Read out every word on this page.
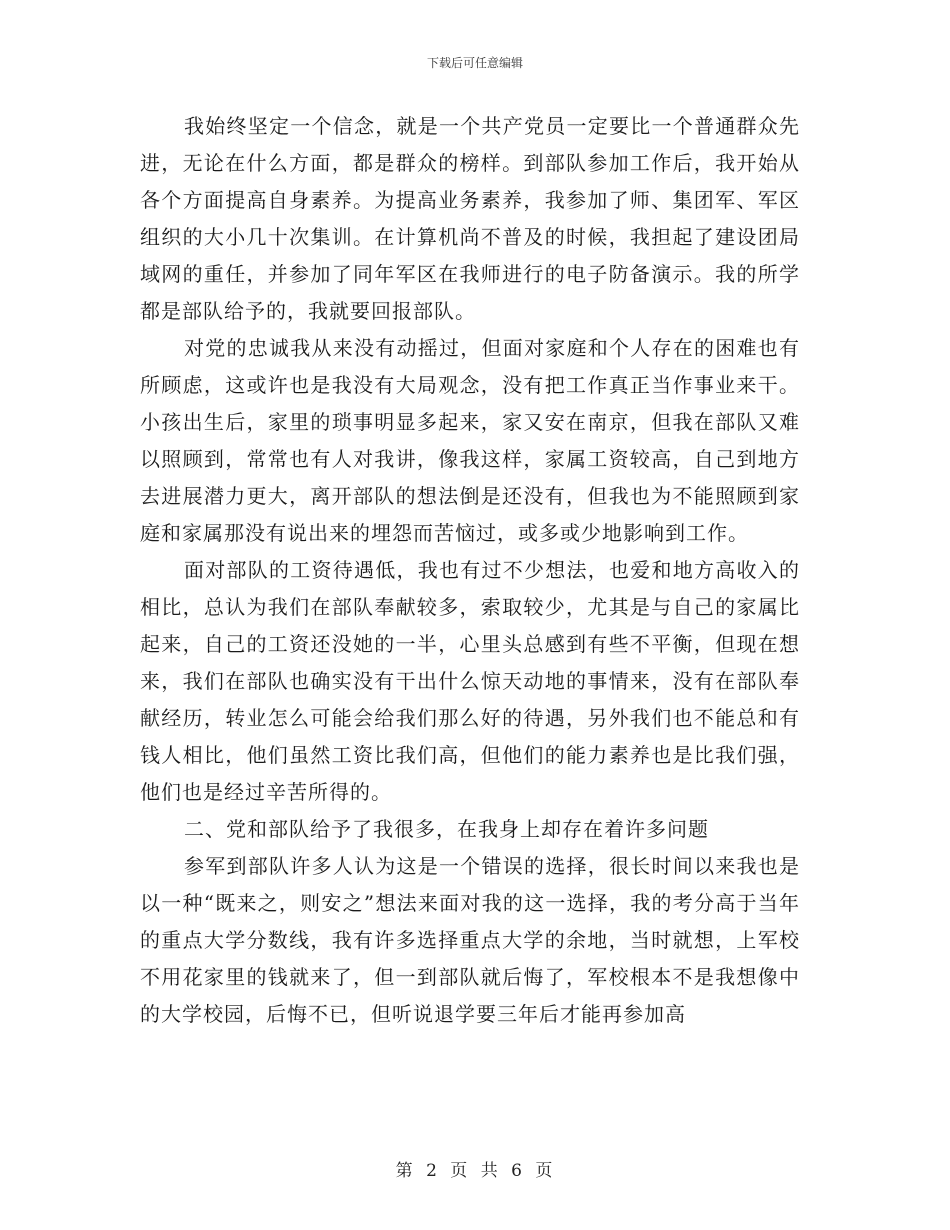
下载后可任意编辑

我始终坚定一个信念，就是一个共产党员一定要比一个普通群众先进，无论在什么方面，都是群众的榜样。到部队参加工作后，我开始从各个方面提高自身素养。为提高业务素养，我参加了师、集团军、军区组织的大小几十次集训。在计算机尚不普及的时候，我担起了建设团局域网的重任，并参加了同年军区在我师进行的电子防备演示。我的所学都是部队给予的，我就要回报部队。

对党的忠诚我从来没有动摇过，但面对家庭和个人存在的困难也有所顾虑，这或许也是我没有大局观念，没有把工作真正当作事业来干。小孩出生后，家里的琐事明显多起来，家又安在南京，但我在部队又难以照顾到，常常也有人对我讲，像我这样，家属工资较高，自己到地方去进展潜力更大，离开部队的想法倒是还没有，但我也为不能照顾到家庭和家属那没有说出来的埋怨而苦恼过，或多或少地影响到工作。

面对部队的工资待遇低，我也有过不少想法，也爱和地方高收入的相比，总认为我们在部队奉献较多，索取较少，尤其是与自己的家属比起来，自己的工资还没她的一半，心里头总感到有些不平衡，但现在想来，我们在部队也确实没有干出什么惊天动地的事情来，没有在部队奉献经历，转业怎么可能会给我们那么好的待遇，另外我们也不能总和有钱人相比，他们虽然工资比我们高，但他们的能力素养也是比我们强，他们也是经过辛苦所得的。

二、党和部队给予了我很多，在我身上却存在着许多问题

参军到部队许多人认为这是一个错误的选择，很长时间以来我也是以一种“既来之，则安之”想法来面对我的这一选择，我的考分高于当年的重点大学分数线，我有许多选择重点大学的余地，当时就想，上军校不用花家里的钱就来了，但一到部队就后悔了，军校根本不是我想像中的大学校园，后悔不已，但听说退学要三年后才能再参加高

第 2 页 共 6 页
